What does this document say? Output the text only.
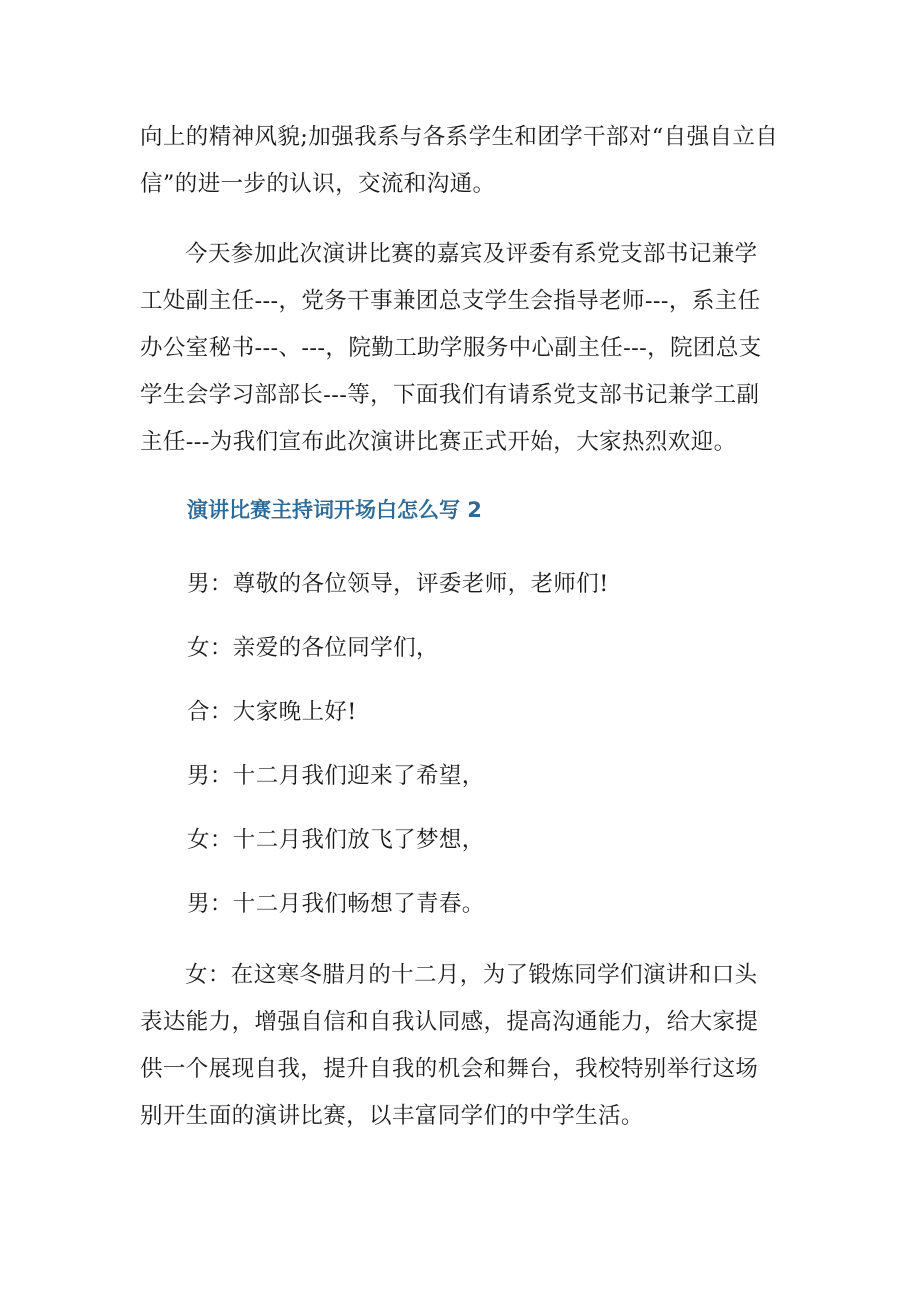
向上的精神风貌;加强我系与各系学生和团学干部对“自强自立自
信”的进一步的认识，交流和沟通。
今天参加此次演讲比赛的嘉宾及评委有系党支部书记兼学
工处副主任---，党务干事兼团总支学生会指导老师---，系主任
办公室秘书---、---，院勤工助学服务中心副主任---，院团总支
学生会学习部部长---等，下面我们有请系党支部书记兼学工副
主任---为我们宣布此次演讲比赛正式开始，大家热烈欢迎。
演讲比赛主持词开场白怎么写 2
男：尊敬的各位领导，评委老师，老师们!
女：亲爱的各位同学们，
合：大家晚上好!
男：十二月我们迎来了希望，
女：十二月我们放飞了梦想，
男：十二月我们畅想了青春。
女：在这寒冬腊月的十二月，为了锻炼同学们演讲和口头
表达能力，增强自信和自我认同感，提高沟通能力，给大家提
供一个展现自我，提升自我的机会和舞台，我校特别举行这场
别开生面的演讲比赛，以丰富同学们的中学生活。
